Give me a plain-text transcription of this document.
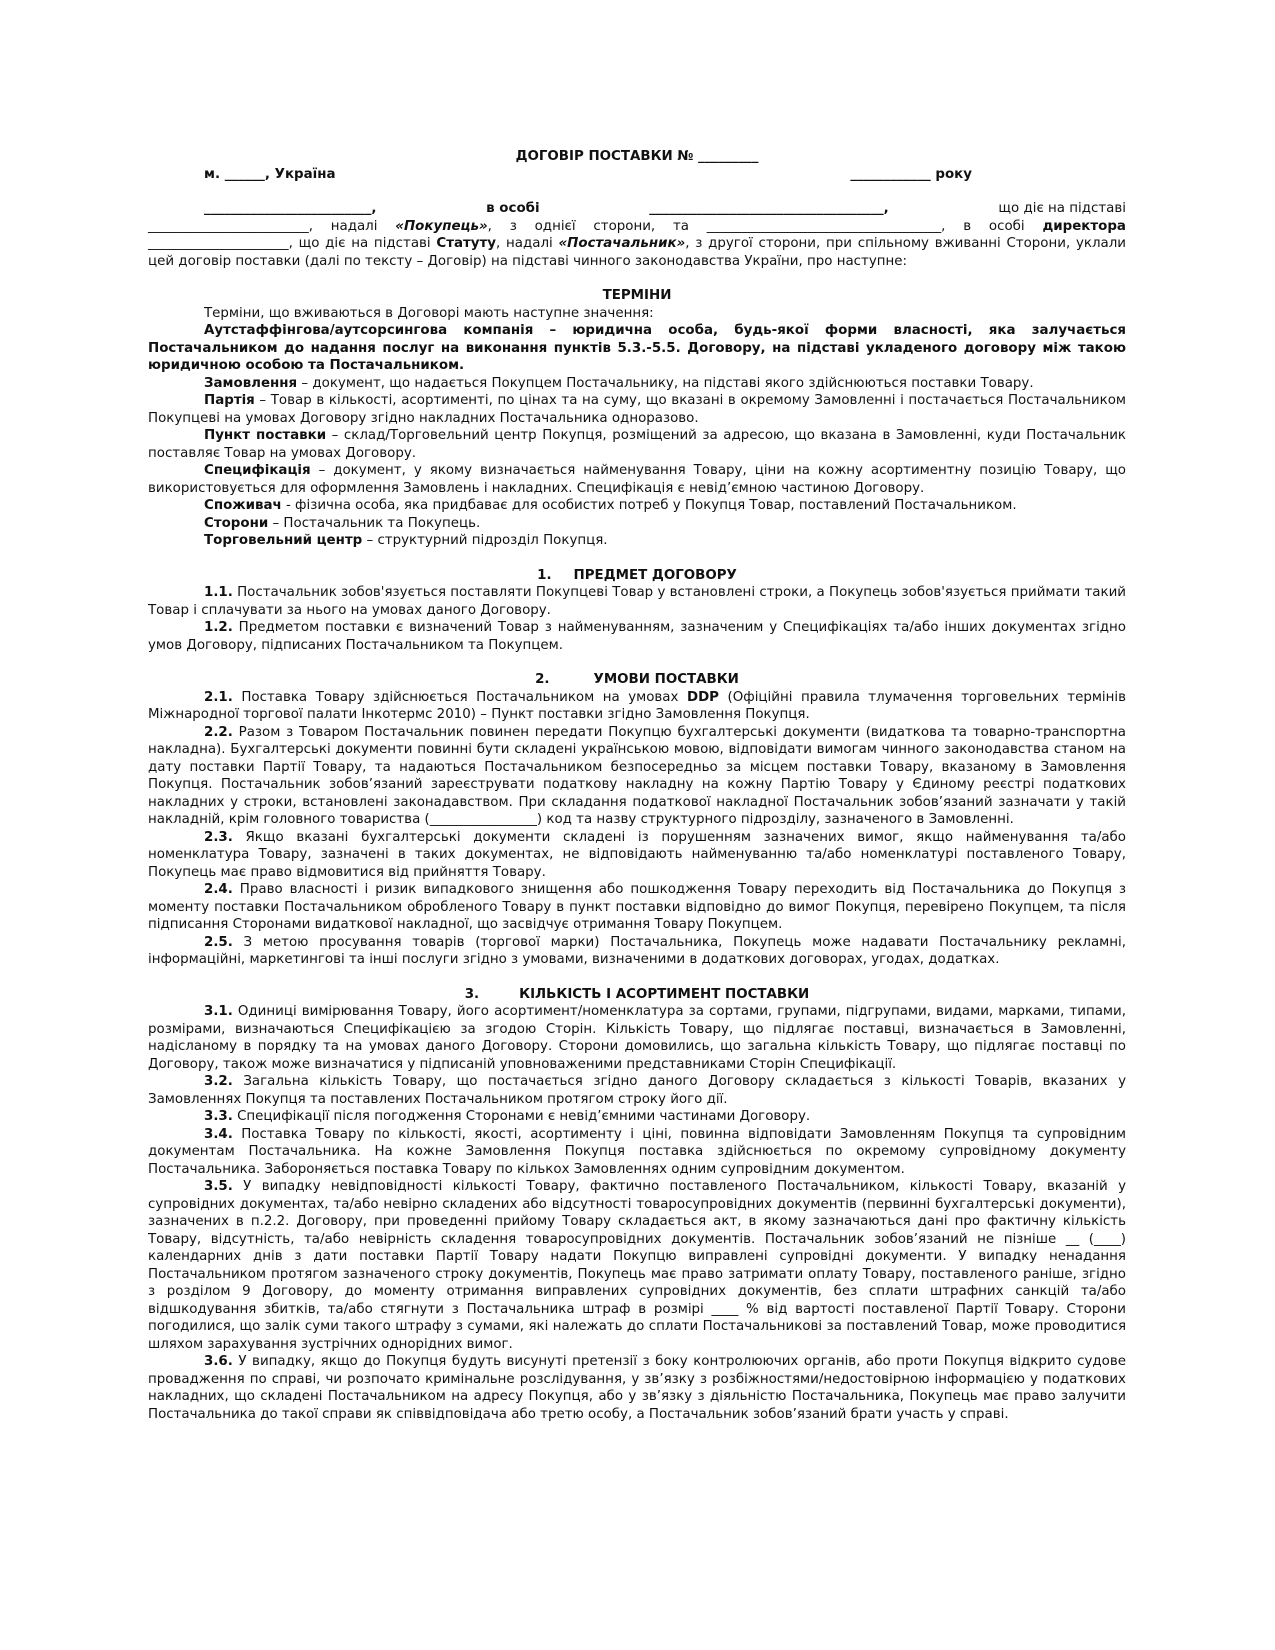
ДОГОВІР ПОСТАВКИ № _________

м. ______, Україна	____________ року

_________________________,	в особі	___________________________________,	що діє на підставі

________________________, надалі «Покупець», з однієї сторони, та ___________________________________, в особі директора _____________________, що діє на підставі Статуту, надалі «Постачальник», з другої сторони, при спільному вживанні Сторони, уклали цей договір поставки (далі по тексту – Договір) на підставі чинного законодавства України, про наступне:

ТЕРМІНИ

Терміни, що вживаються в Договорі мають наступне значення:

Аутстаффінгова/аутсорсингова компанія – юридична особа, будь-якої форми власності, яка залучається Постачальником до надання послуг на виконання пунктів 5.3.-5.5. Договору, на підставі укладеного договору між такою юридичною особою та Постачальником.

Замовлення – документ, що надається Покупцем Постачальнику, на підставі якого здійснюються поставки Товару.

Партія – Товар в кількості, асортименті, по цінах та на суму, що вказані в окремому Замовленні і постачається Постачальником Покупцеві на умовах Договору згідно накладних Постачальника одноразово.

Пункт поставки – склад/Торговельний центр Покупця, розміщений за адресою, що вказана в Замовленні, куди Постачальник поставляє Товар на умовах Договору.

Специфікація – документ, у якому визначається найменування Товару, ціни на кожну асортиментну позицію Товару, що використовується для оформлення Замовлень і накладних. Специфікація є невід’ємною частиною Договору.

Споживач - фізична особа, яка придбаває для особистих потреб у Покупця Товар, поставлений Постачальником.

Сторони – Постачальник та Покупець.

Торговельний центр – структурний підрозділ Покупця.

1. ПРЕДМЕТ ДОГОВОРУ

1.1. Постачальник зобов'язується поставляти Покупцеві Товар у встановлені строки, а Покупець зобов'язується приймати такий Товар і сплачувати за нього на умовах даного Договору.

1.2. Предметом поставки є визначений Товар з найменуванням, зазначеним у Специфікаціях та/або інших документах згідно умов Договору, підписаних Постачальником та Покупцем.

2.	УМОВИ ПОСТАВКИ

2.1. Поставка Товару здійснюється Постачальником на умовах DDP (Офіційні правила тлумачення торговельних термінів Міжнародної торгової палати Інкотермс 2010) – Пункт поставки згідно Замовлення Покупця.

2.2. Разом з Товаром Постачальник повинен передати Покупцю бухгалтерські документи (видаткова та товарно-транспортна накладна). Бухгалтерські документи повинні бути складені українською мовою, відповідати вимогам чинного законодавства станом на дату поставки Партії Товару, та надаються Постачальником безпосередньо за місцем поставки Товару, вказаному в Замовлення Покупця. Постачальник зобов’язаний зареєструвати податкову накладну на кожну Партію Товару у Єдиному реєстрі податкових накладних у строки, встановлені законадавством. При складання податкової накладної Постачальник зобов’язаний зазначати у такій накладній, крім головного товариства (________________) код та назву структурного підрозділу, зазначеного в Замовленні.

2.3. Якщо вказані бухгалтерські документи складені із порушенням зазначених вимог, якщо найменування та/або номенклатура Товару, зазначені в таких документах, не відповідають найменуванню та/або номенклатурі поставленого Товару, Покупець має право відмовитися від прийняття Товару.

2.4. Право власності і ризик випадкового знищення або пошкодження Товару переходить від Постачальника до Покупця з моменту поставки Постачальником обробленого Товару в пункт поставки відповідно до вимог Покупця, перевірено Покупцем, та після підписання Сторонами видаткової накладної, що засвідчує отримання Товару Покупцем.

2.5. З метою просування товарів (торгової марки) Постачальника, Покупець може надавати Постачальнику рекламні, інформаційні, маркетингові та інші послуги згідно з умовами, визначеними в додаткових договорах, угодах, додатках.

3.	КІЛЬКІСТЬ І АСОРТИМЕНТ ПОСТАВКИ

3.1. Одиниці вимірювання Товару, його асортимент/номенклатура за сортами, групами, підгрупами, видами, марками, типами, розмірами, визначаються Специфікацією за згодою Сторін. Кількість Товару, що підлягає поставці, визначається в Замовленні, надісланому в порядку та на умовах даного Договору. Сторони домовились, що загальна кількість Товару, що підлягає поставці по Договору, також може визначатися у підписаній уповноваженими представниками Сторін Специфікації.

3.2. Загальна кількість Товару, що постачається згідно даного Договору складається з кількості Товарів, вказаних у Замовленнях Покупця та поставлених Постачальником протягом строку його дії.

3.3. Специфікації після погодження Сторонами є невід’ємними частинами Договору.

3.4. Поставка Товару по кількості, якості, асортименту і ціні, повинна відповідати Замовленням Покупця та супровідним документам Постачальника. На кожне Замовлення Покупця поставка здійснюється по окремому супровідному документу Постачальника. Забороняється поставка Товару по кількох Замовленнях одним супровідним документом.

3.5. У випадку невідповідності кількості Товару, фактично поставленого Постачальником, кількості Товару, вказаній у супровідних документах, та/або невірно складених або відсутності товаросупровідних документів (первинні бухгалтерські документи), зазначених в п.2.2. Договору, при проведенні прийому Товару складається акт, в якому зазначаються дані про фактичну кількість Товару, відсутність, та/або невірність складення товаросупровідних документів. Постачальник зобов’язаний не пізніше __ (____) календарних днів з дати поставки Партії Товару надати Покупцю виправлені супровідні документи. У випадку ненадання Постачальником протягом зазначеного строку документів, Покупець має право затримати оплату Товару, поставленого раніше, згідно з розділом 9 Договору, до моменту отримання виправлених супровідних документів, без сплати штрафних санкцій та/або відшкодування збитків, та/або стягнути з Постачальника штраф в розмірі ____ % від вартості поставленої Партії Товару. Сторони погодилися, що залік суми такого штрафу з сумами, які належать до сплати Постачальникові за поставлений Товар, може проводитися шляхом зарахування зустрічних однорідних вимог.

3.6. У випадку, якщо до Покупця будуть висунуті претензії з боку контролюючих органів, або проти Покупця відкрито судове провадження по справі, чи розпочато кримінальне розслідування, у зв’язку з розбіжностями/недостовірною інформацією у податкових накладних, що складені Постачальником на адресу Покупця, або у зв’язку з діяльністю Постачальника, Покупець має право залучити Постачальника до такої справи як співвідповідача або третю особу, а Постачальник зобов’язаний брати участь у справі.
